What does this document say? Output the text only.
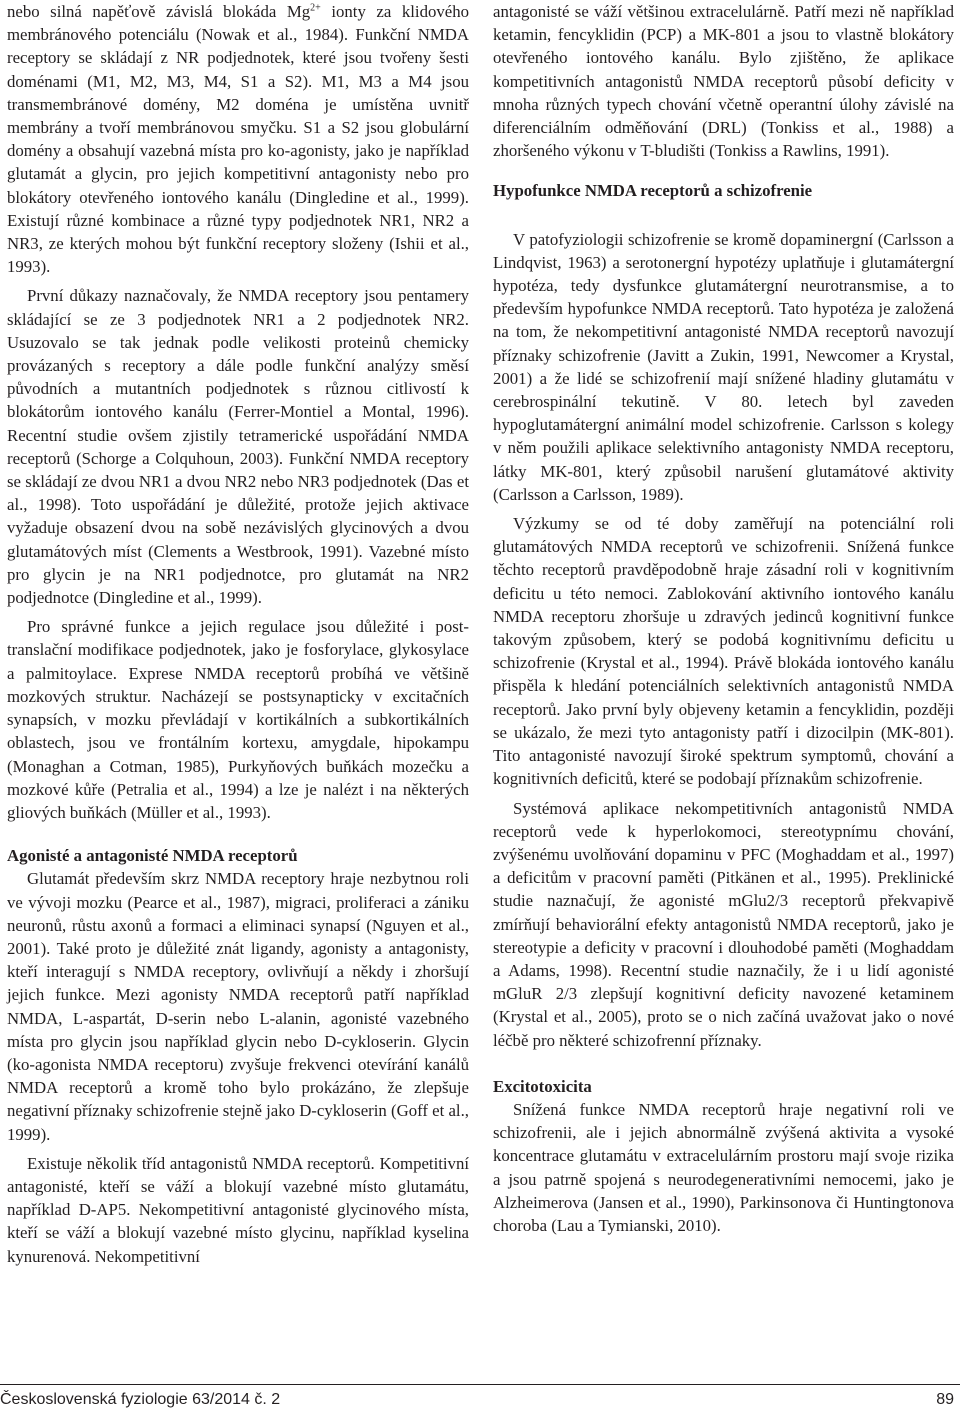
nebo silná napěťově závislá blokáda $Mg^{2+}$ ionty za klidového membránového potenciálu (Nowak et al., 1984). Funkční NMDA receptory se skládají z NR podjednotek, které jsou tvořeny šesti doménami (M1, M2, M3, M4, S1 a S2). M1, M3 a M4 jsou transmembránové domény, M2 doména je umístěna uvnitř membrány a tvoří membránovou smyčku. S1 a S2 jsou globulární domény a obsahují vazebná místa pro ko-agonisty, jako je například glutamát a glycin, pro jejich kompetitivní antagonisty nebo pro blokátory otevřeného iontového kanálu (Dingledine et al., 1999). Existují různé kombinace a různé typy podjednotek NR1, NR2 a NR3, ze kterých mohou být funkční receptory složeny (Ishii et al., 1993).

První důkazy naznačovaly, že NMDA receptory jsou pentamery skládající se ze 3 podjednotek NR1 a 2 podjednotek NR2. Usuzovalo se tak jednak podle velikosti proteinů chemicky provázaných s receptory a dále podle funkční analýzy směsí původních a mutantních podjednotek s různou citlivostí k blokátorům iontového kanálu (Ferrer-Montiel a Montal, 1996). Recentní studie ovšem zjistily tetramerické uspořádání NMDA receptorů (Schorge a Colquhoun, 2003). Funkční NMDA receptory se skládají ze dvou NR1 a dvou NR2 nebo NR3 podjednotek (Das et al., 1998). Toto uspořádání je důležité, protože jejich aktivace vyžaduje obsazení dvou na sobě nezávislých glycinových a dvou glutamátových míst (Clements a Westbrook, 1991). Vazebné místo pro glycin je na NR1 podjednotce, pro glutamát na NR2 podjednotce (Dingledine et al., 1999).

Pro správné funkce a jejich regulace jsou důležité i post-translační modifikace podjednotek, jako je fosforylace, glykosylace a palmitoylace. Exprese NMDA receptorů probíhá ve většině mozkových struktur. Nacházejí se postsynapticky v excitačních synapsích, v mozku převládají v kortikálních a subkortikálních oblastech, jsou ve frontálním kortexu, amygdale, hipokampu (Monaghan a Cotman, 1985), Purkyňových buňkách mozečku a mozkové kůře (Petralia et al., 1994) a lze je nalézt i na některých gliových buňkách (Müller et al., 1993).

Agonisté a antagonisté NMDA receptorů

Glutamát především skrz NMDA receptory hraje nezbytnou roli ve vývoji mozku (Pearce et al., 1987), migraci, proliferaci a zániku neuronů, růstu axonů a formaci a eliminaci synapsí (Nguyen et al., 2001). Také proto je důležité znát ligandy, agonisty a antagonisty, kteří interagují s NMDA receptory, ovlivňují a někdy i zhoršují jejich funkce. Mezi agonisty NMDA receptorů patří například NMDA, L-aspartát, D-serin nebo L-alanin, agonisté vazebného místa pro glycin jsou například glycin nebo D-cykloserin. Glycin (ko-agonista NMDA receptoru) zvyšuje frekvenci otevírání kanálů NMDA receptorů a kromě toho bylo prokázáno, že zlepšuje negativní příznaky schizofrenie stejně jako D-cykloserin (Goff et al., 1999).

Existuje několik tříd antagonistů NMDA receptorů. Kompetitivní antagonisté, kteří se váží a blokují vazebné místo glutamátu, například D-AP5. Nekompetitivní antagonisté glycinového místa, kteří se váží a blokují vazebné místo glycinu, například kyselina kynurenová. Nekompetitivní

antagonisté se váží většinou extracelulárně. Patří mezi ně například ketamin, fencyklidin (PCP) a MK-801 a jsou to vlastně blokátory otevřeného iontového kanálu. Bylo zjištěno, že aplikace kompetitivních antagonistů NMDA receptorů působí deficity v mnoha různých typech chování včetně operantní úlohy závislé na diferenciálním odměňování (DRL) (Tonkiss et al., 1988) a zhoršeného výkonu v T-bludišti (Tonkiss a Rawlins, 1991).

Hypofunkce NMDA receptorů a schizofrenie

V patofyziologii schizofrenie se kromě dopaminergní (Carlsson a Lindqvist, 1963) a serotonergní hypotézy uplatňuje i glutamátergní hypotéza, tedy dysfunkce glutamátergní neurotransmise, a to především hypofunkce NMDA receptorů. Tato hypotéza je založená na tom, že nekompetitivní antagonisté NMDA receptorů navozují příznaky schizofrenie (Javitt a Zukin, 1991, Newcomer a Krystal, 2001) a že lidé se schizofrenií mají snížené hladiny glutamátu v cerebrospinální tekutině. V 80. letech byl zaveden hypoglutamátergní animální model schizofrenie. Carlsson s kolegy v něm použili aplikace selektivního antagonisty NMDA receptoru, látky MK-801, který způsobil narušení glutamátové aktivity (Carlsson a Carlsson, 1989).

Výzkumy se od té doby zaměřují na potenciální roli glutamátových NMDA receptorů ve schizofrenii. Snížená funkce těchto receptorů pravděpodobně hraje zásadní roli v kognitivním deficitu u této nemoci. Zablokování aktivního iontového kanálu NMDA receptoru zhoršuje u zdravých jedinců kognitivní funkce takovým způsobem, který se podobá kognitivnímu deficitu u schizofrenie (Krystal et al., 1994). Právě blokáda iontového kanálu přispěla k hledání potenciálních selektivních antagonistů NMDA receptorů. Jako první byly objeveny ketamin a fencyklidin, později se ukázalo, že mezi tyto antagonisty patří i dizocilpin (MK-801). Tito antagonisté navozují široké spektrum symptomů, chování a kognitivních deficitů, které se podobají příznakům schizofrenie.

Systémová aplikace nekompetitivních antagonistů NMDA receptorů vede k hyperlokomoci, stereotypnímu chování, zvýšenému uvolňování dopaminu v PFC (Moghaddam et al., 1997) a deficitům v pracovní paměti (Pitkänen et al., 1995). Preklinické studie naznačují, že agonisté mGlu2/3 receptorů překvapivě zmírňují behaviorální efekty antagonistů NMDA receptorů, jako je stereotypie a deficity v pracovní i dlouhodobé paměti (Moghaddam a Adams, 1998). Recentní studie naznačily, že i u lidí agonisté mGluR 2/3 zlepšují kognitivní deficity navozené ketaminem (Krystal et al., 2005), proto se o nich začíná uvažovat jako o nové léčbě pro některé schizofrenní příznaky.

Excitotoxicita

Snížená funkce NMDA receptorů hraje negativní roli ve schizofrenii, ale i jejich abnormálně zvýšená aktivita a vysoké koncentrace glutamátu v extracelulárním prostoru mají svoje rizika a jsou patrně spojená s neurodegenerativními nemocemi, jako je Alzheimerova (Jansen et al., 1990), Parkinsonova či Huntingtonova choroba (Lau a Tymianski, 2010).

Československá fyziologie 63/2014 č. 2	89
